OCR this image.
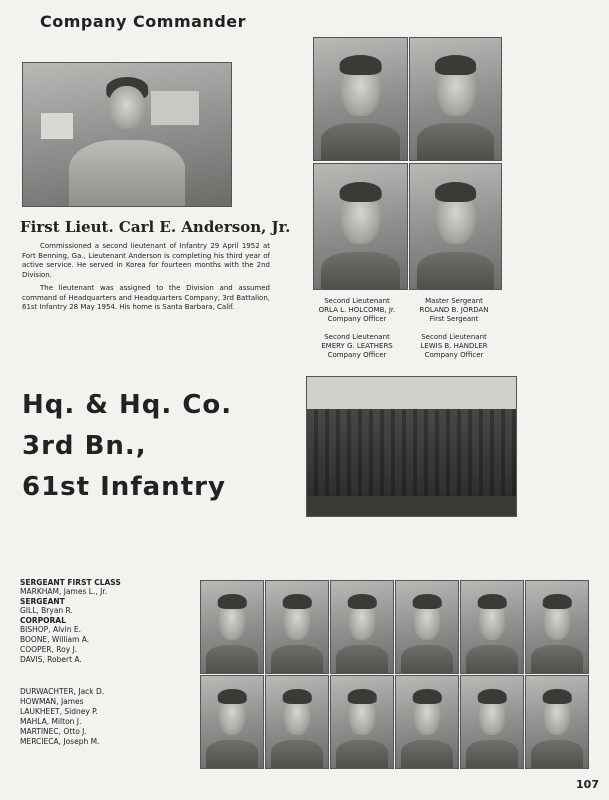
Company Commander
First Lieut. Carl E. Anderson, Jr.
Commissioned a second lieutenant of Infantry 29 April 1952 at Fort Benning, Ga., Lieutenant Anderson is completing his third year of active service. He served in Korea for fourteen months with the 2nd Division.
The lieutenant was assigned to the Division and assumed command of Headquarters and Headquarters Company, 3rd Battalion, 61st Infantry 28 May 1954. His home is Santa Barbara, Calif.
Second Lieutenant
ORLA L. HOLCOMB, Jr.
Company Officer
Master Sergeant
ROLAND B. JORDAN
First Sergeant
Second Lieutenant
EMERY G. LEATHERS
Company Officer
Second Lieutenant
LEWIS B. HANDLER
Company Officer
Hq. & Hq. Co.
3rd Bn.,
61st Infantry
SERGEANT FIRST CLASS
MARKHAM, James L., Jr.
SERGEANT
GILL, Bryan R.
CORPORAL
BISHOP, Alvin E.
BOONE, William A.
COOPER, Roy J.
DAVIS, Robert A.
DURWACHTER, Jack D.
HOWMAN, James
LAUKHEET, Sidney P.
MAHLA, Milton J.
MARTINEC, Otto J.
MERCIECA, Joseph M.
107
